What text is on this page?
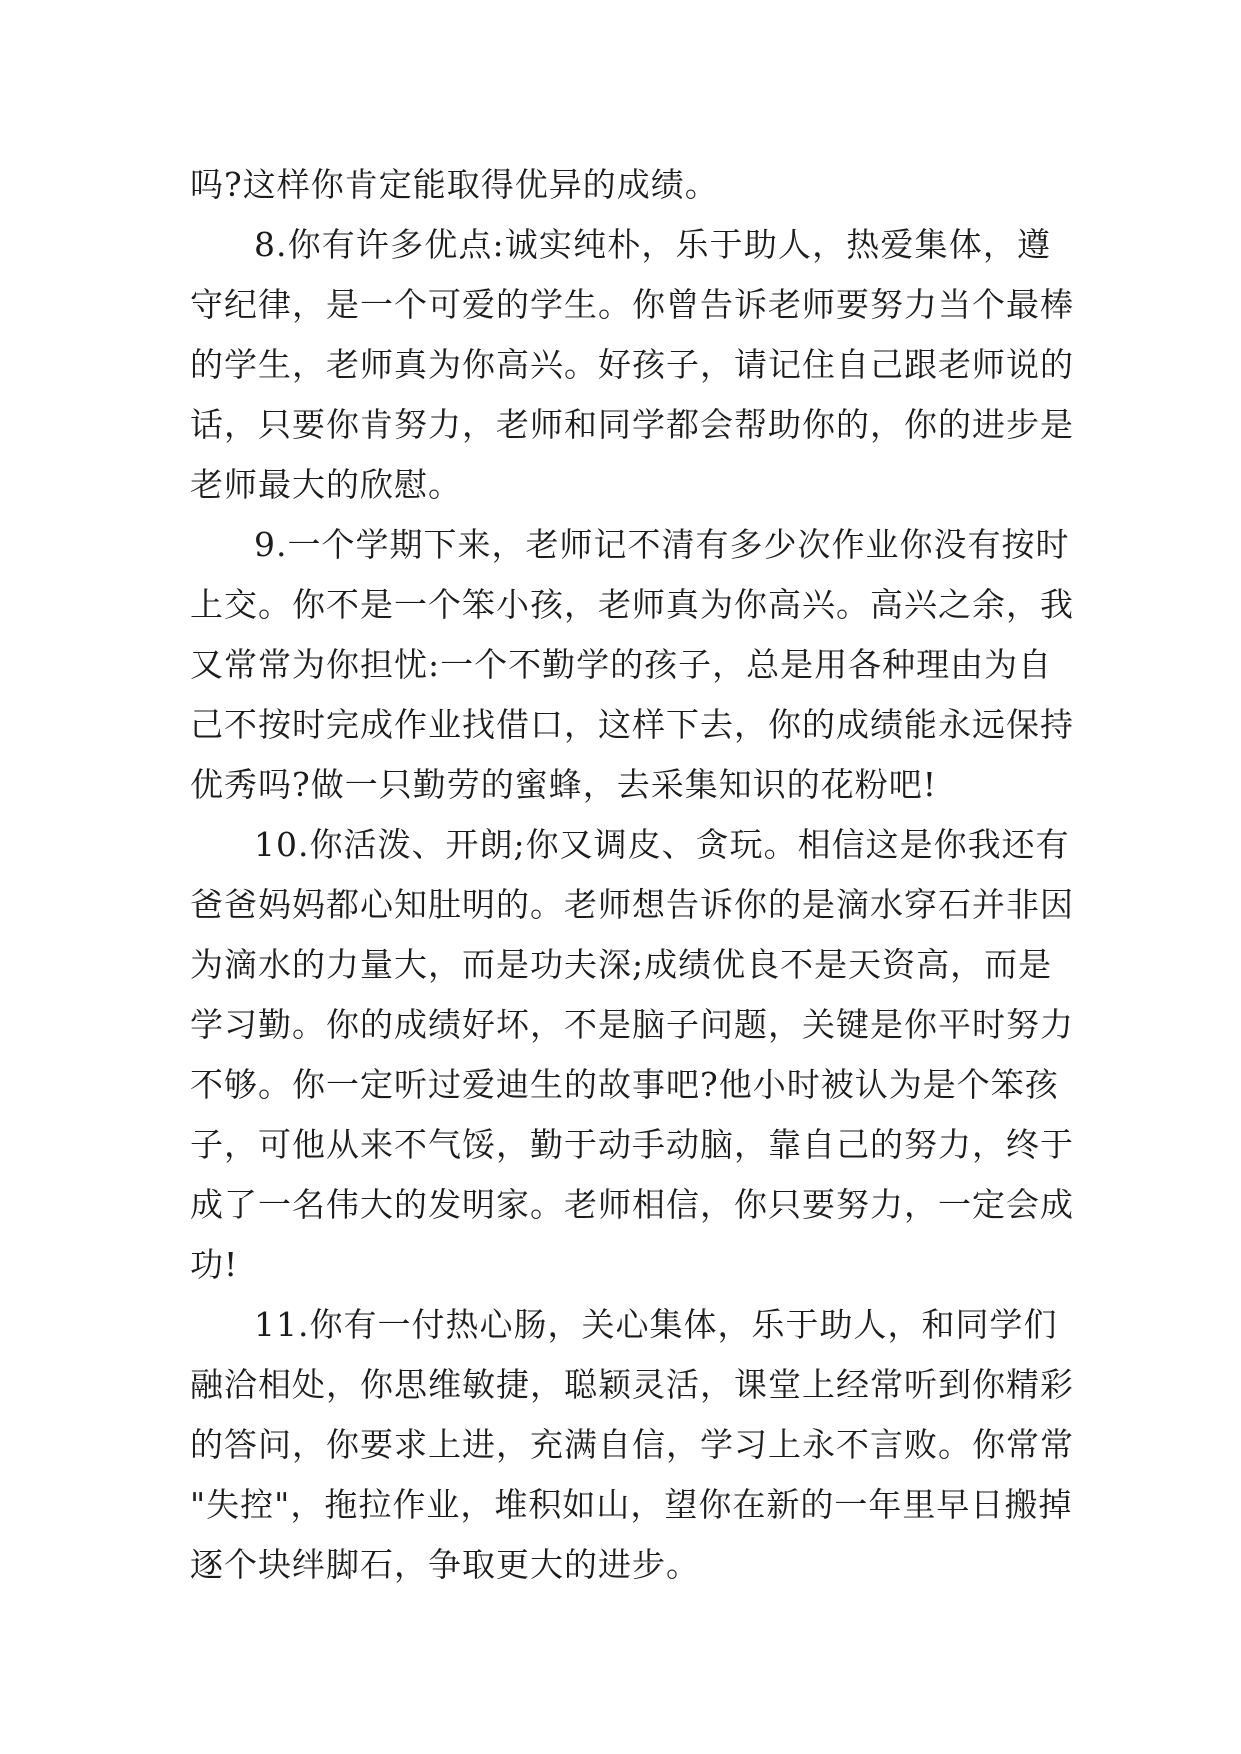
吗?这样你肯定能取得优异的成绩。
8.你有许多优点:诚实纯朴，乐于助人，热爱集体，遵
守纪律，是一个可爱的学生。你曾告诉老师要努力当个最棒
的学生，老师真为你高兴。好孩子，请记住自己跟老师说的
话，只要你肯努力，老师和同学都会帮助你的，你的进步是
老师最大的欣慰。
9.一个学期下来，老师记不清有多少次作业你没有按时
上交。你不是一个笨小孩，老师真为你高兴。高兴之余，我
又常常为你担忧:一个不勤学的孩子，总是用各种理由为自
己不按时完成作业找借口，这样下去，你的成绩能永远保持
优秀吗?做一只勤劳的蜜蜂，去采集知识的花粉吧!
10.你活泼、开朗;你又调皮、贪玩。相信这是你我还有
爸爸妈妈都心知肚明的。老师想告诉你的是滴水穿石并非因
为滴水的力量大，而是功夫深;成绩优良不是天资高，而是
学习勤。你的成绩好坏，不是脑子问题，关键是你平时努力
不够。你一定听过爱迪生的故事吧?他小时被认为是个笨孩
子，可他从来不气馁，勤于动手动脑，靠自己的努力，终于
成了一名伟大的发明家。老师相信，你只要努力，一定会成
功!
11.你有一付热心肠，关心集体，乐于助人，和同学们
融洽相处，你思维敏捷，聪颖灵活，课堂上经常听到你精彩
的答问，你要求上进，充满自信，学习上永不言败。你常常
"失控"，拖拉作业，堆积如山，望你在新的一年里早日搬掉
逐个块绊脚石，争取更大的进步。
